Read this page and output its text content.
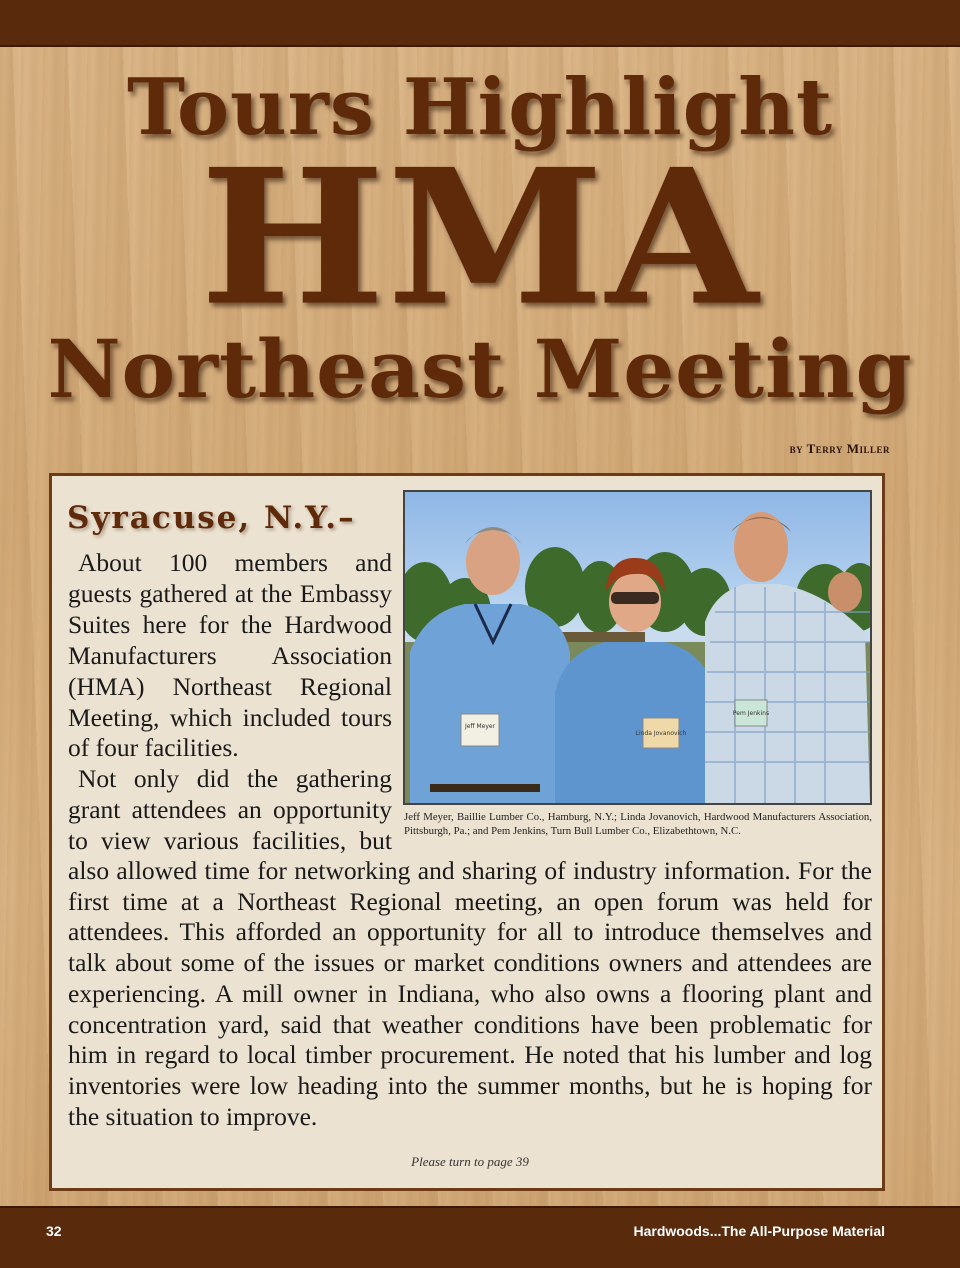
Tours Highlight
HMA
Northeast Meeting
by Terry Miller
Syracuse, N.Y.–
About 100 members and
guests gathered at the Embassy
Suites here for the Hardwood
Manufacturers Association
(HMA) Northeast Regional
Meeting, which included tours
of four facilities.
Not only did the gathering
grant attendees an opportunity
to view various facilities, but
also allowed time for networking and sharing of industry information. For the first time at a Northeast Regional meeting, an open forum was held for attendees. This afforded an opportunity for all to introduce themselves and talk about some of the issues or market conditions owners and attendees are experiencing. A mill owner in Indiana, who also owns a flooring plant and concentration yard, said that weather conditions have been problematic for him in regard to local timber procurement. He noted that his lumber and log inventories were low heading into the summer months, but he is hoping for the situation to improve.
Jeff Meyer
Linda Jovanovich
Pem Jenkins
Jeff Meyer, Baillie Lumber Co., Hamburg, N.Y.; Linda Jovanovich, Hardwood Manufacturers Association, Pittsburgh, Pa.; and Pem Jenkins, Turn Bull Lumber Co., Elizabethtown, N.C.
Please turn to page 39
32	Hardwoods...The All-Purpose Material
